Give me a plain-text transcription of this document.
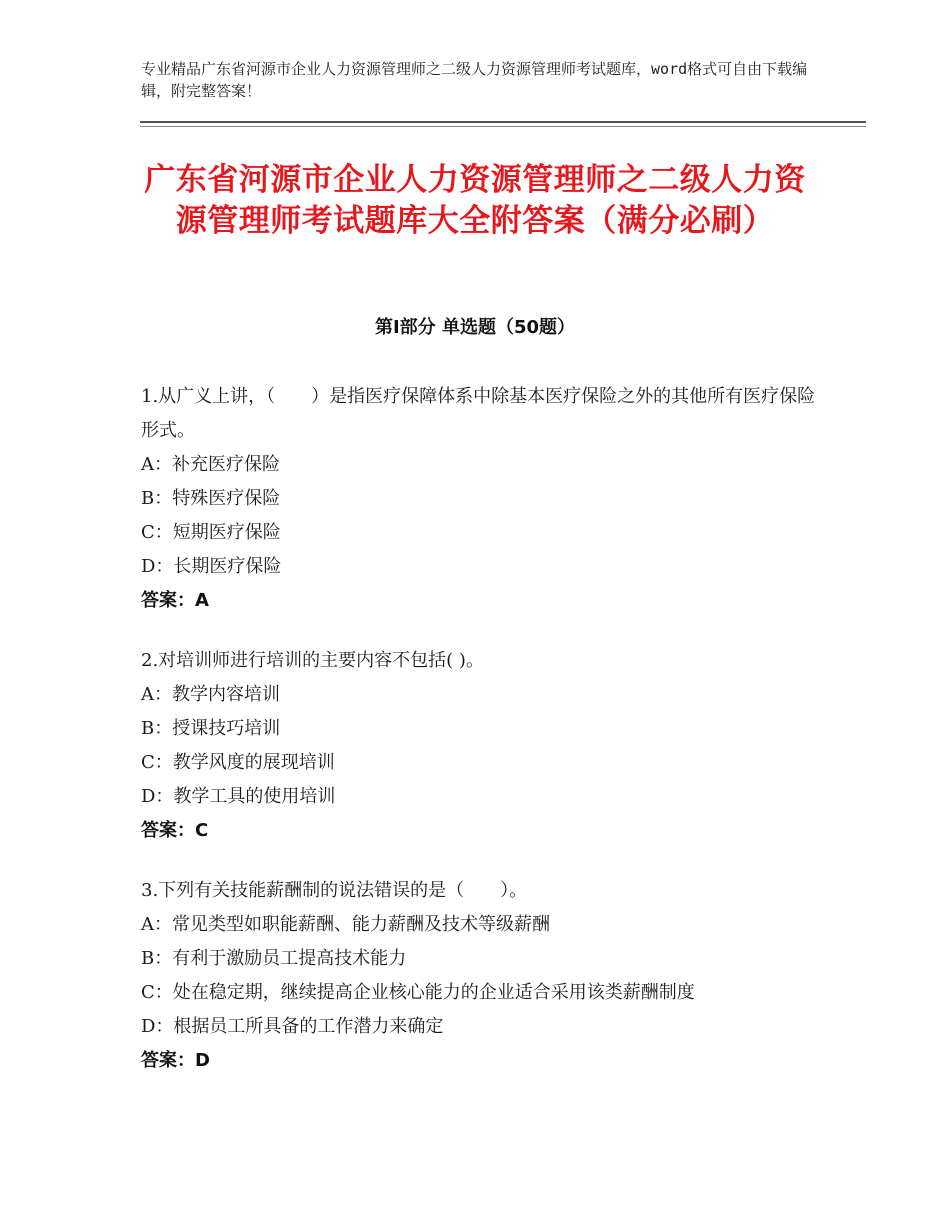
专业精品广东省河源市企业人力资源管理师之二级人力资源管理师考试题库，word格式可自由下载编辑，附完整答案！
广东省河源市企业人力资源管理师之二级人力资源管理师考试题库大全附答案（满分必刷）
第Ⅰ部分 单选题（50题）
1.从广义上讲，（　　）是指医疗保障体系中除基本医疗保险之外的其他所有医疗保险形式。
A：补充医疗保险
B：特殊医疗保险
C：短期医疗保险
D：长期医疗保险
答案：A
2.对培训师进行培训的主要内容不包括( )。
A：教学内容培训
B：授课技巧培训
C：教学风度的展现培训
D：教学工具的使用培训
答案：C
3.下列有关技能薪酬制的说法错误的是（　　）。
A：常见类型如职能薪酬、能力薪酬及技术等级薪酬
B：有利于激励员工提高技术能力
C：处在稳定期，继续提高企业核心能力的企业适合采用该类薪酬制度
D：根据员工所具备的工作潜力来确定
答案：D
